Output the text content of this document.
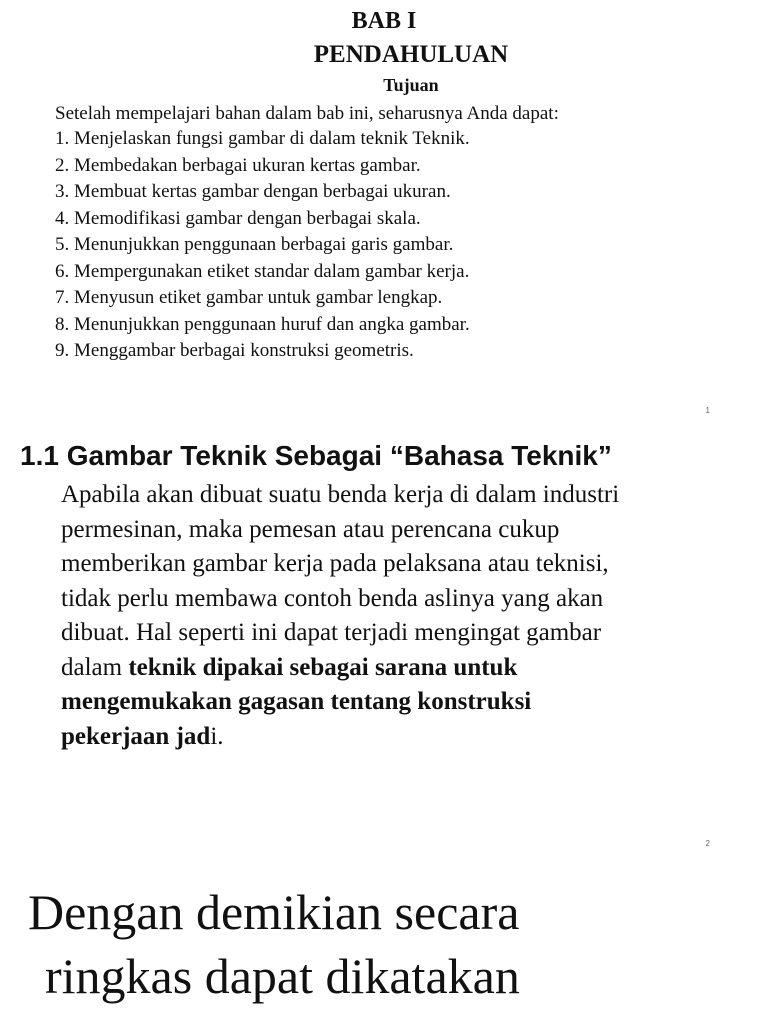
BAB I
PENDAHULUAN
Tujuan
Setelah mempelajari bahan dalam bab ini, seharusnya Anda dapat:
1. Menjelaskan fungsi gambar di dalam teknik Teknik.
2. Membedakan berbagai ukuran kertas gambar.
3. Membuat kertas gambar dengan berbagai ukuran.
4. Memodifikasi gambar dengan berbagai skala.
5. Menunjukkan penggunaan berbagai garis gambar.
6. Mempergunakan etiket standar dalam gambar kerja.
7. Menyusun etiket gambar untuk gambar lengkap.
8. Menunjukkan penggunaan huruf dan angka gambar.
9. Menggambar berbagai konstruksi geometris.
1
1.1 Gambar Teknik Sebagai “Bahasa Teknik”

Apabila akan dibuat suatu benda kerja di dalam industri
permesinan, maka pemesan atau perencana cukup
memberikan gambar kerja pada pelaksana atau teknisi,
tidak perlu membawa contoh benda aslinya yang akan
dibuat. Hal seperti ini dapat terjadi mengingat gambar
dalam teknik dipakai sebagai sarana untuk
mengemukakan gagasan tentang konstruksi
pekerjaan jadi.

2
Dengan demikian secara
ringkas dapat dikatakan
